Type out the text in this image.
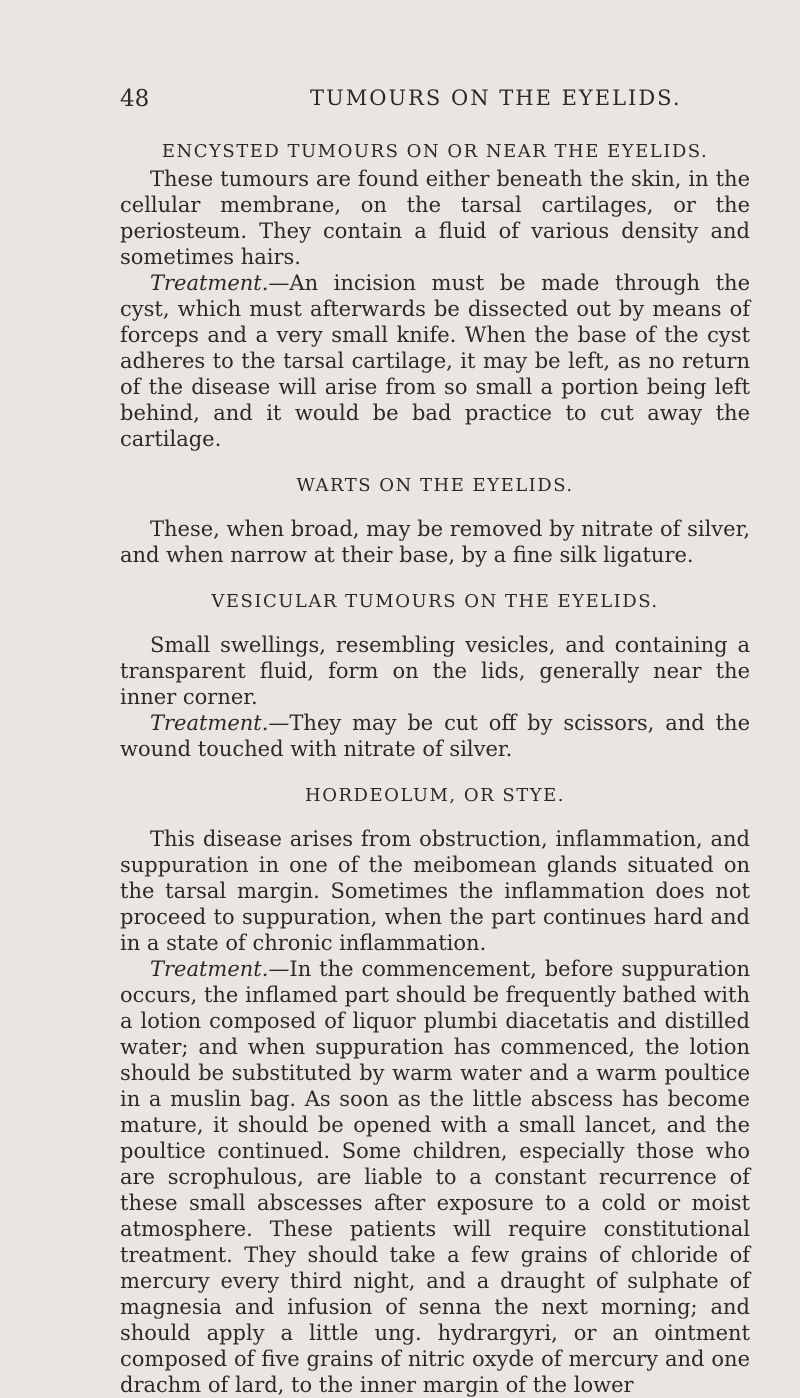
48	TUMOURS ON THE EYELIDS.
ENCYSTED TUMOURS ON OR NEAR THE EYELIDS.

These tumours are found either beneath the skin, in the cellular membrane, on the tarsal cartilages, or the periosteum. They contain a fluid of various density and sometimes hairs.

Treatment.—An incision must be made through the cyst, which must afterwards be dissected out by means of forceps and a very small knife. When the base of the cyst adheres to the tarsal cartilage, it may be left, as no return of the disease will arise from so small a portion being left behind, and it would be bad practice to cut away the cartilage.

WARTS ON THE EYELIDS.

These, when broad, may be removed by nitrate of silver, and when narrow at their base, by a fine silk ligature.

VESICULAR TUMOURS ON THE EYELIDS.

Small swellings, resembling vesicles, and containing a transparent fluid, form on the lids, generally near the inner corner.

Treatment.—They may be cut off by scissors, and the wound touched with nitrate of silver.

HORDEOLUM, OR STYE.

This disease arises from obstruction, inflammation, and suppuration in one of the meibomean glands situated on the tarsal margin. Sometimes the inflammation does not proceed to suppuration, when the part continues hard and in a state of chronic inflammation.

Treatment.—In the commencement, before suppuration occurs, the inflamed part should be frequently bathed with a lotion composed of liquor plumbi diacetatis and distilled water; and when suppuration has commenced, the lotion should be substituted by warm water and a warm poultice in a muslin bag. As soon as the little abscess has become mature, it should be opened with a small lancet, and the poultice continued. Some children, especially those who are scrophulous, are liable to a constant recurrence of these small abscesses after exposure to a cold or moist atmosphere. These patients will require constitutional treatment. They should take a few grains of chloride of mercury every third night, and a draught of sulphate of magnesia and infusion of senna the next morning; and should apply a little ung. hydrargyri, or an ointment composed of five grains of nitric oxyde of mercury and one drachm of lard, to the inner margin of the lower
